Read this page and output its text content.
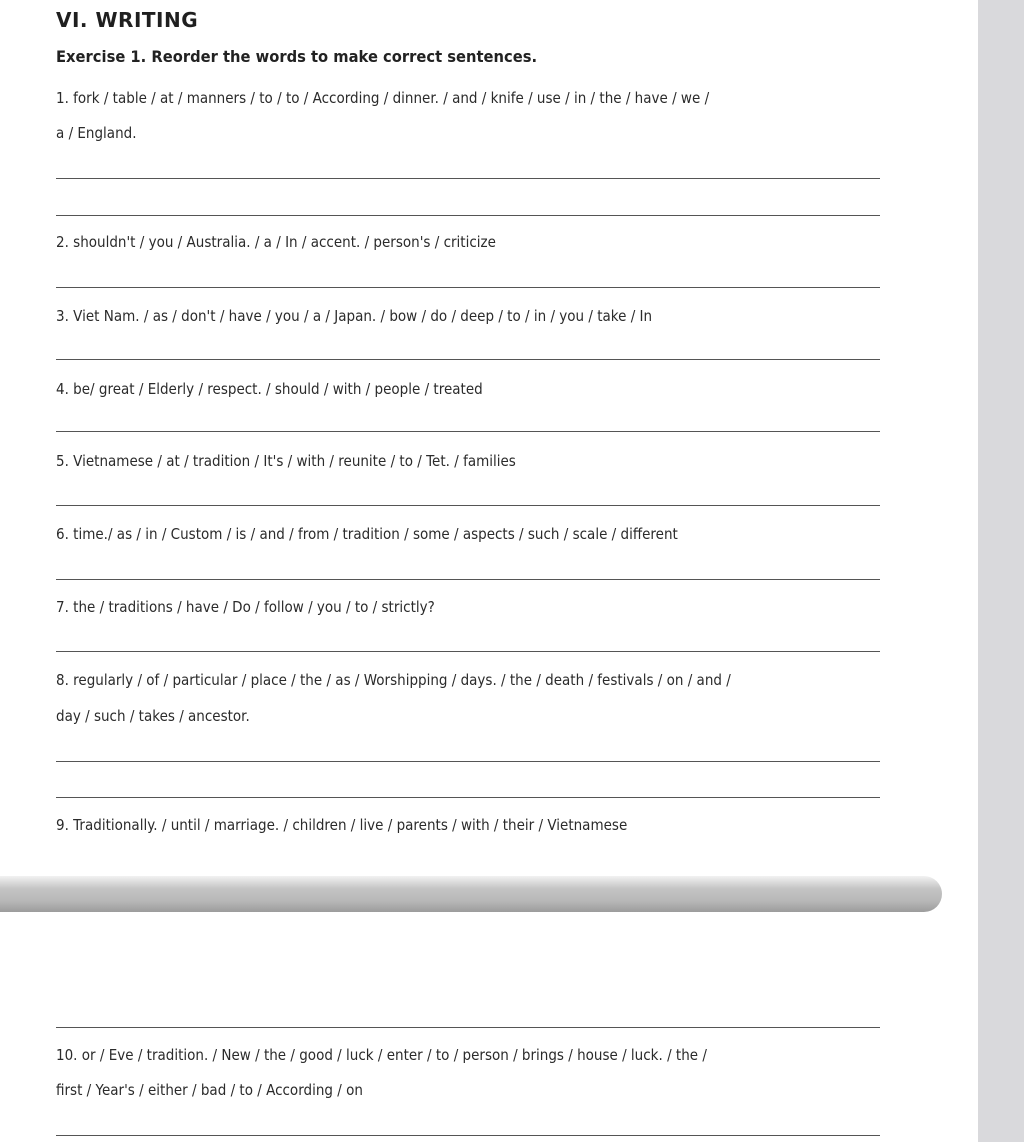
VI. WRITING

Exercise 1. Reorder the words to make correct sentences.

1. fork / table / at / manners / to / to / According / dinner. / and / knife / use / in / the / have / we /
a / England.
2. shouldn't / you / Australia. / a / In / accent. / person's / criticize
3. Viet Nam. / as / don't / have / you / a / Japan. / bow / do / deep / to / in / you / take / In
4. be/ great / Elderly / respect. / should / with / people / treated
5. Vietnamese / at / tradition / It's / with / reunite / to / Tet. / families
6. time./ as / in / Custom / is / and / from / tradition / some / aspects / such / scale / different
7. the / traditions / have / Do / follow / you / to / strictly?
8. regularly / of / particular / place / the / as / Worshipping / days. / the / death / festivals / on / and /
day / such / takes / ancestor.
9. Traditionally. / until / marriage. / children / live / parents / with / their / Vietnamese
10. or / Eve / tradition. / New / the / good / luck / enter / to / person / brings / house / luck. / the /
first / Year's / either / bad / to / According / on
